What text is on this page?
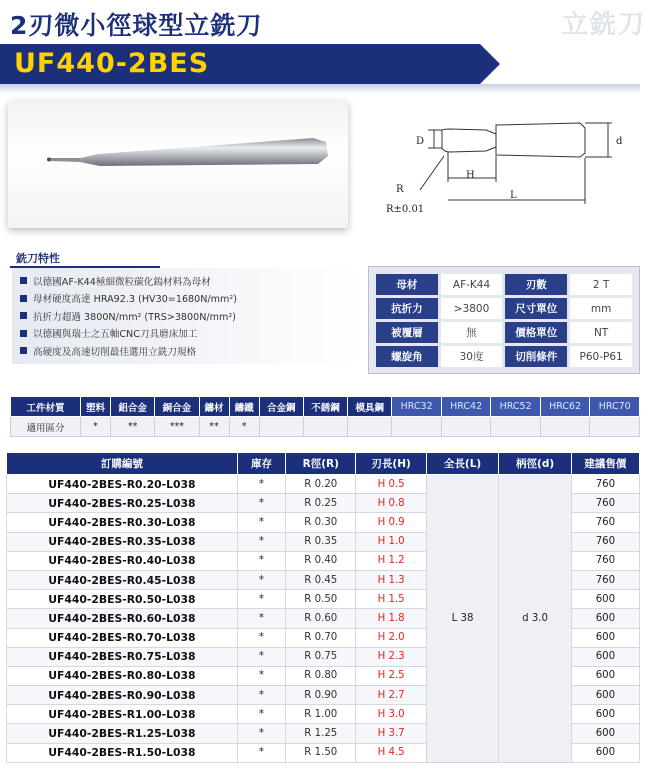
立銑刀
2刃微小徑球型立銑刀
UF440-2BES
D	d
H
L
R
R±0.01
銑刀特性
以德國AF-K44極細微粒碳化鎢材料為母材
母材硬度高達 HRA92.3 (HV30=1680N/mm²)
抗折力超過 3800N/mm² (TRS>3800N/mm²)
以德國與瑞士之五軸CNC刀具磨床加工
高硬度及高速切削最佳選用立銑刀規格
母材	AF-K44	刃數	2 T
抗折力	>3800	尺寸單位	mm
被覆層	無	價格單位	NT
螺旋角	30度	切削條件	P60-P61
工件材質	塑料	鋁合金	銅合金	鑄材	鑄鐵	合金鋼	不銹鋼	模具鋼	HRC32	HRC42	HRC52	HRC62	HRC70
適用區分	*	**	***	**	*								
訂購編號	庫存	R徑(R)	刃長(H)	全長(L)	柄徑(d)	建議售價
UF440-2BES-R0.20-L038	*	R 0.20	H 0.5	L 38	d 3.0	760
UF440-2BES-R0.25-L038	*	R 0.25	H 0.8			760
UF440-2BES-R0.30-L038	*	R 0.30	H 0.9			760
UF440-2BES-R0.35-L038	*	R 0.35	H 1.0			760
UF440-2BES-R0.40-L038	*	R 0.40	H 1.2			760
UF440-2BES-R0.45-L038	*	R 0.45	H 1.3			760
UF440-2BES-R0.50-L038	*	R 0.50	H 1.5			600
UF440-2BES-R0.60-L038	*	R 0.60	H 1.8			600
UF440-2BES-R0.70-L038	*	R 0.70	H 2.0			600
UF440-2BES-R0.75-L038	*	R 0.75	H 2.3			600
UF440-2BES-R0.80-L038	*	R 0.80	H 2.5			600
UF440-2BES-R0.90-L038	*	R 0.90	H 2.7			600
UF440-2BES-R1.00-L038	*	R 1.00	H 3.0			600
UF440-2BES-R1.25-L038	*	R 1.25	H 3.7			600
UF440-2BES-R1.50-L038	*	R 1.50	H 4.5			600
